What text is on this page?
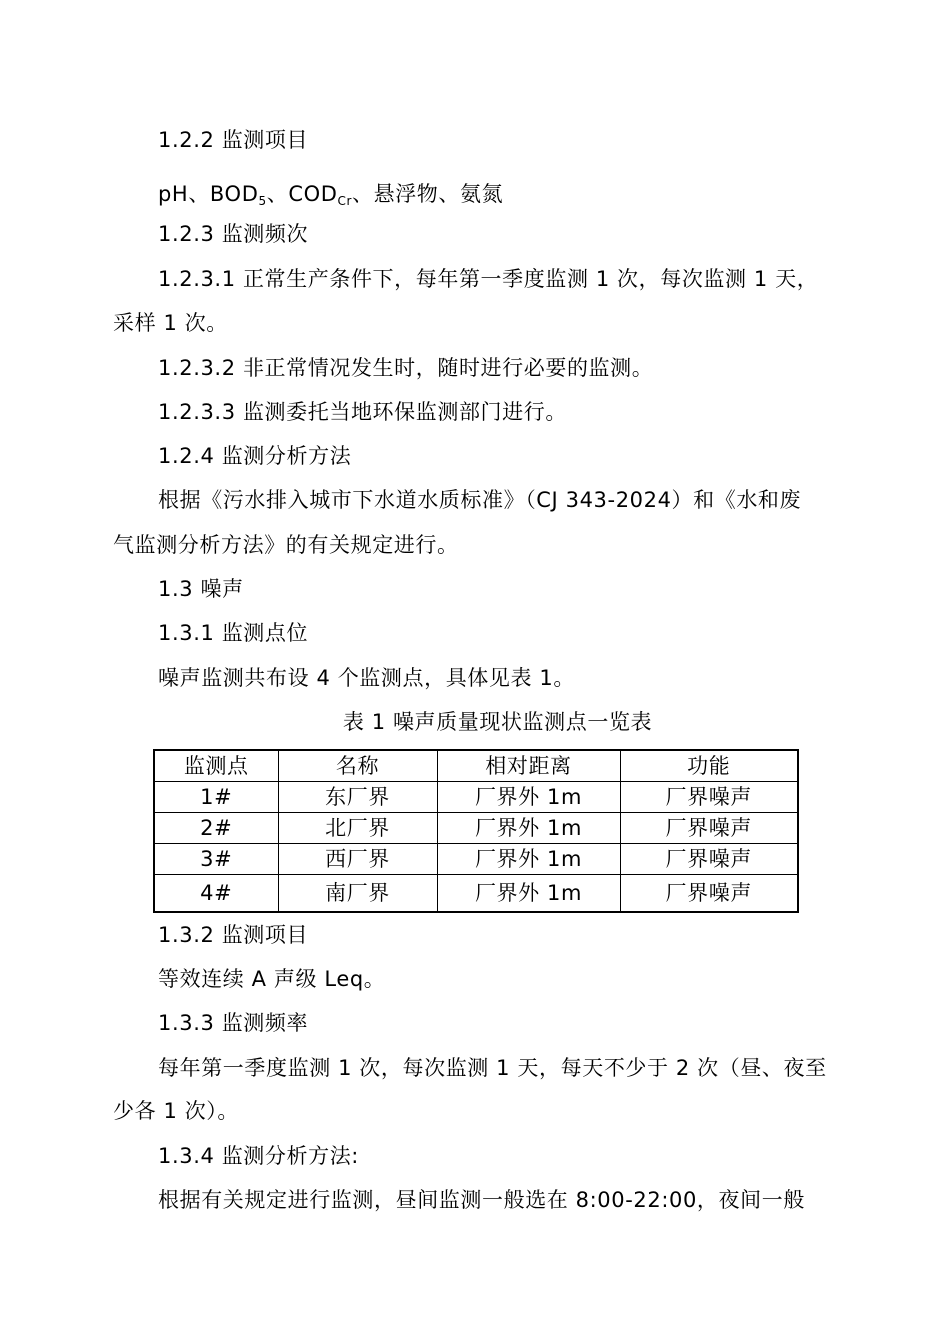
1.2.2 监测项目
pH、$BOD_5$、$COD_{Cr}$、悬浮物、氨氮
1.2.3 监测频次
1.2.3.1 正常生产条件下，每年第一季度监测 1 次，每次监测 1 天，
采样 1 次。
1.2.3.2 非正常情况发生时，随时进行必要的监测。
1.2.3.3 监测委托当地环保监测部门进行。
1.2.4 监测分析方法
根据《污水排入城市下水道水质标准》（CJ 343-2024）和《水和废
气监测分析方法》的有关规定进行。
1.3 噪声
1.3.1 监测点位
噪声监测共布设 4 个监测点，具体见表 1。
表 1 噪声质量现状监测点一览表
监测点	名称	相对距离	功能
1#	东厂界	厂界外 1m	厂界噪声
2#	北厂界	厂界外 1m	厂界噪声
3#	西厂界	厂界外 1m	厂界噪声
4#	南厂界	厂界外 1m	厂界噪声
1.3.2 监测项目
等效连续 A 声级 Leq。
1.3.3 监测频率
每年第一季度监测 1 次，每次监测 1 天，每天不少于 2 次（昼、夜至
少各 1 次）。
1.3.4 监测分析方法:
根据有关规定进行监测，昼间监测一般选在 8:00-22:00，夜间一般
